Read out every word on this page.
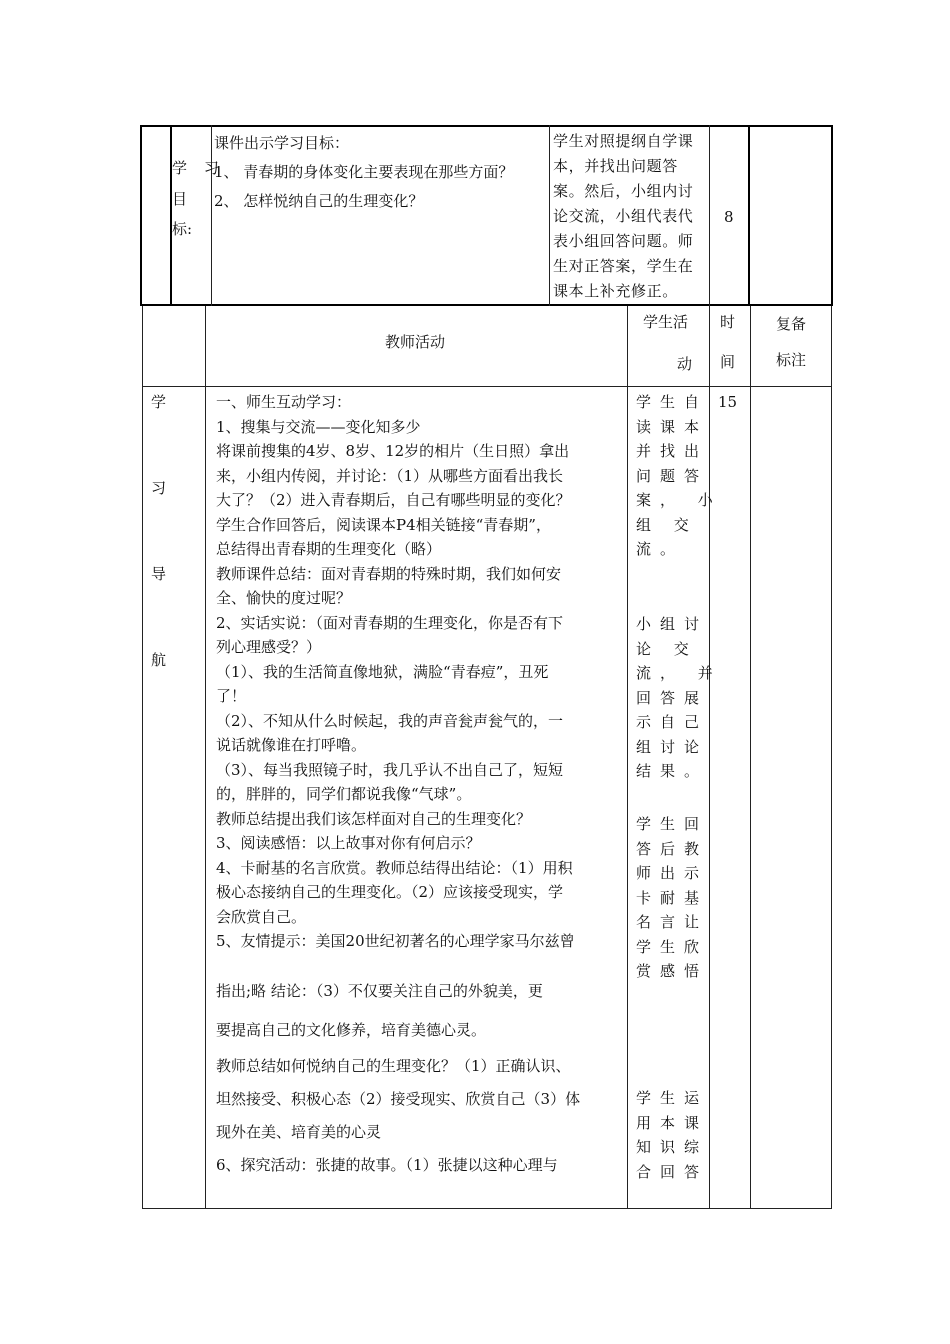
学 习
目
标:
课件出示学习目标：
1、 青春期的身体变化主要表现在那些方面？
2、 怎样悦纳自己的生理变化？
学生对照提纲自学课
本，并找出问题答
案。然后，小组内讨
论交流，小组代表代
表小组回答问题。师
生对正答案，学生在
课本上补充修正。
8
教师活动
学生活
动
时
间
复备
标注
学
习
导
航
15
一、师生互动学习：
1、搜集与交流——变化知多少
将课前搜集的4岁、8岁、12岁的相片（生日照）拿出
来，小组内传阅，并讨论：（1）从哪些方面看出我长
大了？（2）进入青春期后，自己有哪些明显的变化？
学生合作回答后，阅读课本P4相关链接“青春期”，
总结得出青春期的生理变化（略）
教师课件总结：面对青春期的特殊时期，我们如何安
全、愉快的度过呢？
2、实话实说：（面对青春期的生理变化，你是否有下
列心理感受？）
（1）、我的生活简直像地狱，满脸“青春痘”，丑死
了！
（2）、不知从什么时候起，我的声音瓮声瓮气的，一
说话就像谁在打呼噜。
（3）、每当我照镜子时，我几乎认不出自己了，短短
的，胖胖的，同学们都说我像“气球”。
教师总结提出我们该怎样面对自己的生理变化？
3、阅读感悟：以上故事对你有何启示？
4、卡耐基的名言欣赏。教师总结得出结论：（1）用积
极心态接纳自己的生理变化。（2）应该接受现实，学
会欣赏自己。
5、友情提示：美国20世纪初著名的心理学家马尔兹曾
指出;略 结论：（3）不仅要关注自己的外貌美，更
要提高自己的文化修养，培育美德心灵。
教师总结如何悦纳自己的生理变化？（1）正确认识、
坦然接受、积极心态（2）接受现实、欣赏自己（3）体
现外在美、培育美的心灵
6、探究活动：张捷的故事。（1）张捷以这种心理与
学生自
读课本
并找出
问题答
案， 小
组 交
流。
小组讨
论 交
流， 并
回答展
示自己
组讨论
结果。
学生回
答后教
师出示
卡耐基
名言让
学生欣
赏感悟
学生运
用本课
知识综
合回答
